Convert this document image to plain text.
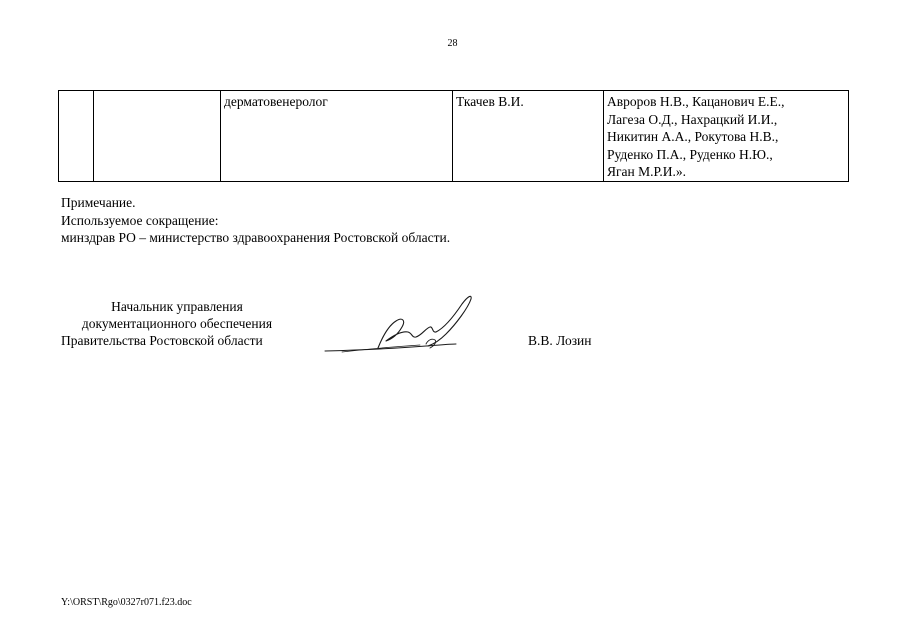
28
		дерматовенеролог	Ткачев В.И.	Авроров Н.В., Кацанович Е.Е.,
Лагеза О.Д., Нахрацкий И.И.,
Никитин А.А., Рокутова Н.В.,
Руденко П.А., Руденко Н.Ю.,
Яган М.Р.И.».
Примечание.
Используемое сокращение:
минздрав РО – министерство здравоохранения Ростовской области.
Начальник управления
документационного обеспечения
Правительства Ростовской области	В.В. Лозин
Y:\ORST\Rgo\0327r071.f23.doc
